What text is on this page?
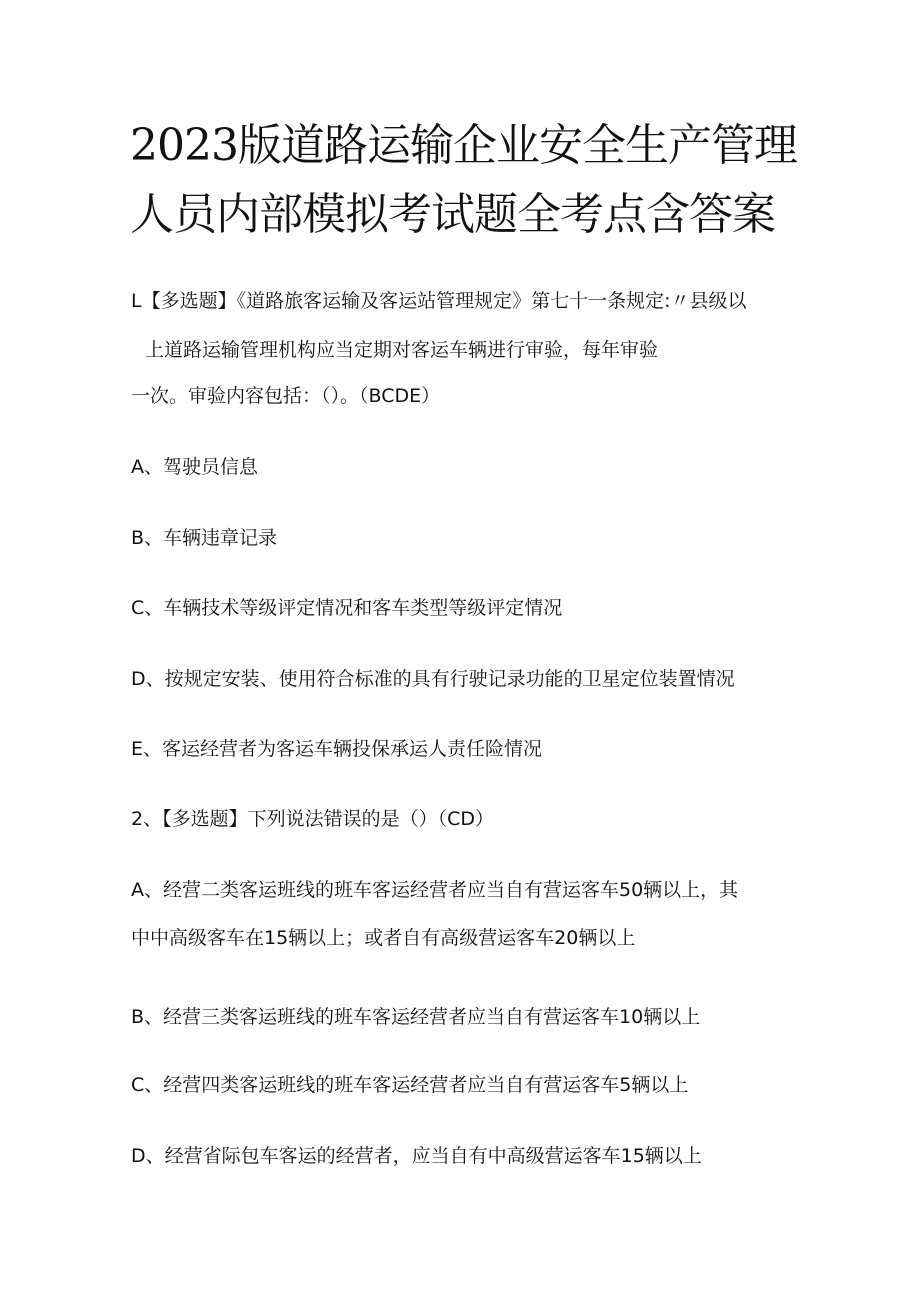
2023版道路运输企业安全生产管理
人员内部模拟考试题全考点含答案
L【多选题】《道路旅客运输及客运站管理规定》第七十一条规定:〃县级以
上道路运输管理机构应当定期对客运车辆进行审验，每年审验
一次。审验内容包括：（）。（BCDE）
A、驾驶员信息
B、车辆违章记录
C、车辆技术等级评定情况和客车类型等级评定情况
D、按规定安装、使用符合标准的具有行驶记录功能的卫星定位装置情况
E、客运经营者为客运车辆投保承运人责任险情况
2、【多选题】下列说法错误的是（）（CD）
A、经营二类客运班线的班车客运经营者应当自有营运客车50辆以上，其
中中高级客车在15辆以上；或者自有高级营运客车20辆以上
B、经营三类客运班线的班车客运经营者应当自有营运客车10辆以上
C、经营四类客运班线的班车客运经营者应当自有营运客车5辆以上
D、经营省际包车客运的经营者，应当自有中高级营运客车15辆以上
